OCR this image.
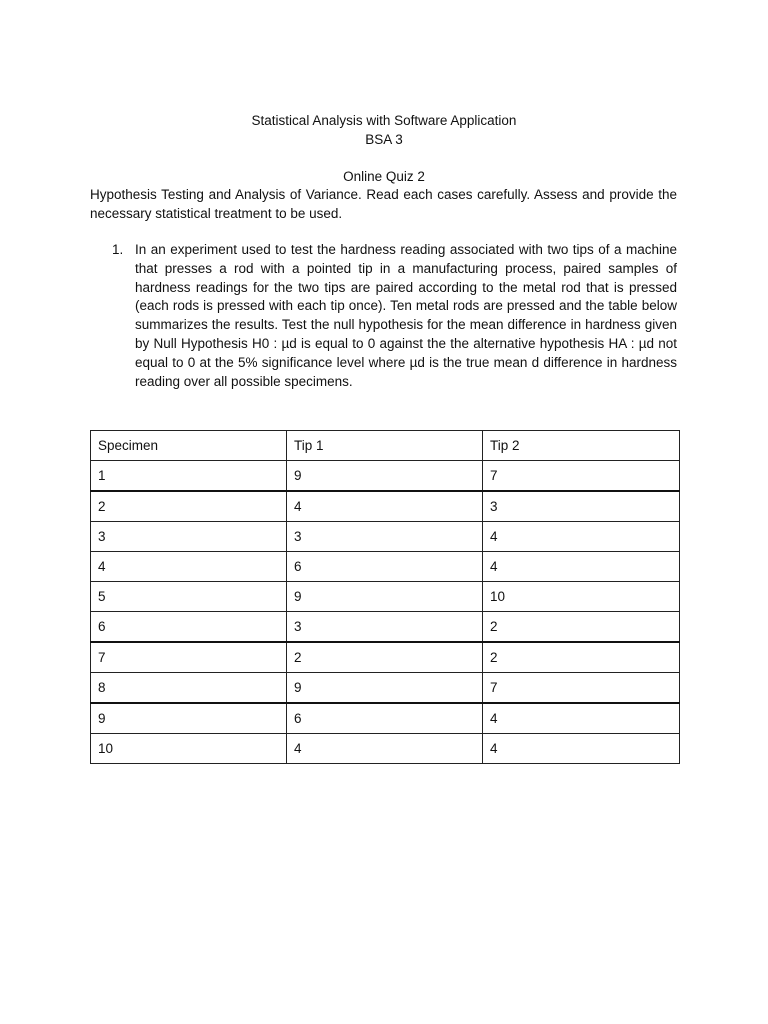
Statistical Analysis with Software Application
BSA 3
Online Quiz 2
Hypothesis Testing and Analysis of Variance. Read each cases carefully. Assess and provide the necessary statistical treatment to be used.
1. In an experiment used to test the hardness reading associated with two tips of a machine that presses a rod with a pointed tip in a manufacturing process, paired samples of hardness readings for the two tips are paired according to the metal rod that is pressed (each rods is pressed with each tip once). Ten metal rods are pressed and the table below summarizes the results. Test the null hypothesis for the mean difference in hardness given by Null Hypothesis H0 : µd is equal to 0 against the the alternative hypothesis HA : µd not equal to 0 at the 5% significance level where µd is the true mean d difference in hardness reading over all possible specimens.
Specimen	Tip 1	Tip 2
1	9	7
2	4	3
3	3	4
4	6	4
5	9	10
6	3	2
7	2	2
8	9	7
9	6	4
10	4	4
